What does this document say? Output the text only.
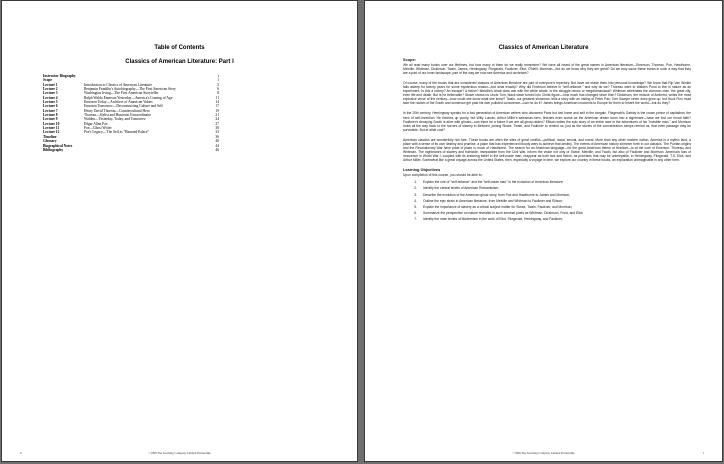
Table of Contents
Classics of American Literature: Part I
Instructor Biography	i
Scope	1
Lecture 1	Introduction to Classics of American Literature	3
Lecture 2	Benjamin Franklin's Autobiography—The First American Story	6
Lecture 3	Washington Irving—The First American Storyteller	8
Lecture 4	Ralph Waldo Emerson Yesterday—America's Coming of Age	11
Lecture 5	Emerson Today—Architect of American Values	14
Lecture 6	Emerson Tomorrow—Deconstructing Culture and Self	17
Lecture 7	Henry David Thoreau—Countercultural Hero	19
Lecture 8	Thoreau—Stylist and Humorist Extraordinaire	21
Lecture 9	Walden—Yesterday, Today, and Tomorrow	24
Lecture 10	Edgar Allan Poe	27
Lecture 11	Poe—Ghost Writer	30
Lecture 12	Poe's Legacy—The Self as "Haunted Palace"	33
Timeline	36
Glossary	40
Biographical Notes	44
Bibliography	46
ii	©1999 The Teaching Company Limited Partnership
Classics of American Literature
Scope:

We all read many books over our lifetimes, but how many of them do we really remember? We have all heard of the great names in American literature—Emerson, Thoreau, Poe, Hawthorne, Melville, Whitman, Dickinson, Twain, James, Hemingway, Fitzgerald, Faulkner, Eliot, O'Neill, Morrison—but do we know why they are great? Do we truly savor these books in such a way that they are a part of our inner landscape, part of the way we now see America and ourselves?

Of course, many of the books that are considered classics of American literature are part of everyone's repertory. But have we made them into personal knowledge? We know that Rip Van Winkle falls asleep for twenty years for some mysterious reason—but what exactly? Why did Emerson believe in "self-reliance," and why do we? Thoreau went to Walden Pond to live in nature as an experiment. Is this a victory? An escape? A fiction? Melville's Ahab does war with the white whale. Is the struggle heroic or megalomaniacal? Whitman celebrates the common man, the great city, even life and death. But is he believable? Stowe shows us Uncle Tom, black slave turned into Christ figure—how much has changed since then? Dickinson, the recluse of Amherst, writes the most explosive verse of the century—how could she know what she knew? Twain, our greatest showman, tells a story with an inkling of Peter Pan: Tom Sawyer never does grow up, but Huck Finn must face the racism of the South and somehow get past his own polluted conscience—can he do it? James brings American innocents to Europe for them to inherit the world—but do they?

In the 20th century, Hemingway speaks for a lost generation of American writers who disowned Paris but lost home and self in the bargain. Fitzgerald's Gatsby is the crown prince of capitalism, the hero of self-invention. He finishes up poorly, but Willy Loman, Arthur Miller's salesman-hero, finishes even worse as the American dream turns into a nightmare—have we lost our moral faith? Faulkner's decaying South is alive with ghosts—can there be a future if we are all ghost-ridden? Ellison writes the epic story of an entire race in the adventures of his "invisible man," and Morrison looks all the way back to the horrors of slavery in Beloved, joining Stowe, Twain, and Faulkner to remind us, just as the stories of the concentration camps remind us, that even passage may be survivable. But at what cost?

American classics are wonderfully rich fare. These books are often the sites of great conflict—political, racial, sexual, and moral. More than any other modern nation, America is a mythic land, a place with a sense of its own destiny and promise, a place that has experienced bloody wars to achieve that destiny. The events of American history shimmer forth in our classics. The Puritan origins and the Revolutionary War have pride of place in much of Hawthorne. The search for an American language—for the great American theme of freedom—is at the core of Emerson, Thoreau, and Whitman. The nightmares of slavery and fratricide, inseparable from the Civil War, inform the vision not only of Stowe, Melville, and Twain, but also of Faulkner and Morrison. America's loss of innocence in World War I, coupled with its enduring belief in the self-made man, reappear as both fact and fiction, as promises that may be unkeepable, in Hemingway, Fitzgerald, T.S. Eliot, and Arthur Miller. Somewhat like a great voyage across the United States, then, especially a voyage in time, we explore our country in these books, an exploration unimaginable in any other form.

Learning Objectives
Upon completion of this course, you should be able to:
1.	Explain the role of "self-reliance" and the "self-made man" in the evolution of American literature;
2.	Identify the central tenets of American Romanticism;
3.	Describe the evolution of the American ghost story, from Poe and Hawthorne to James and Morrison;
4.	Outline the epic strain in American literature, from Melville and Whitman to Faulkner and Ellison;
5.	Explain the importance of slavery as a critical subject matter for Stowe, Twain, Faulkner, and Morrison;
6.	Summarize the perspective on nature revealed in such seminal poets as Whitman, Dickinson, Frost, and Eliot;
7.	Identify the main tenets of Modernism in the work of Eliot, Fitzgerald, Hemingway, and Faulkner;
©1999 The Teaching Company Limited Partnership	1
